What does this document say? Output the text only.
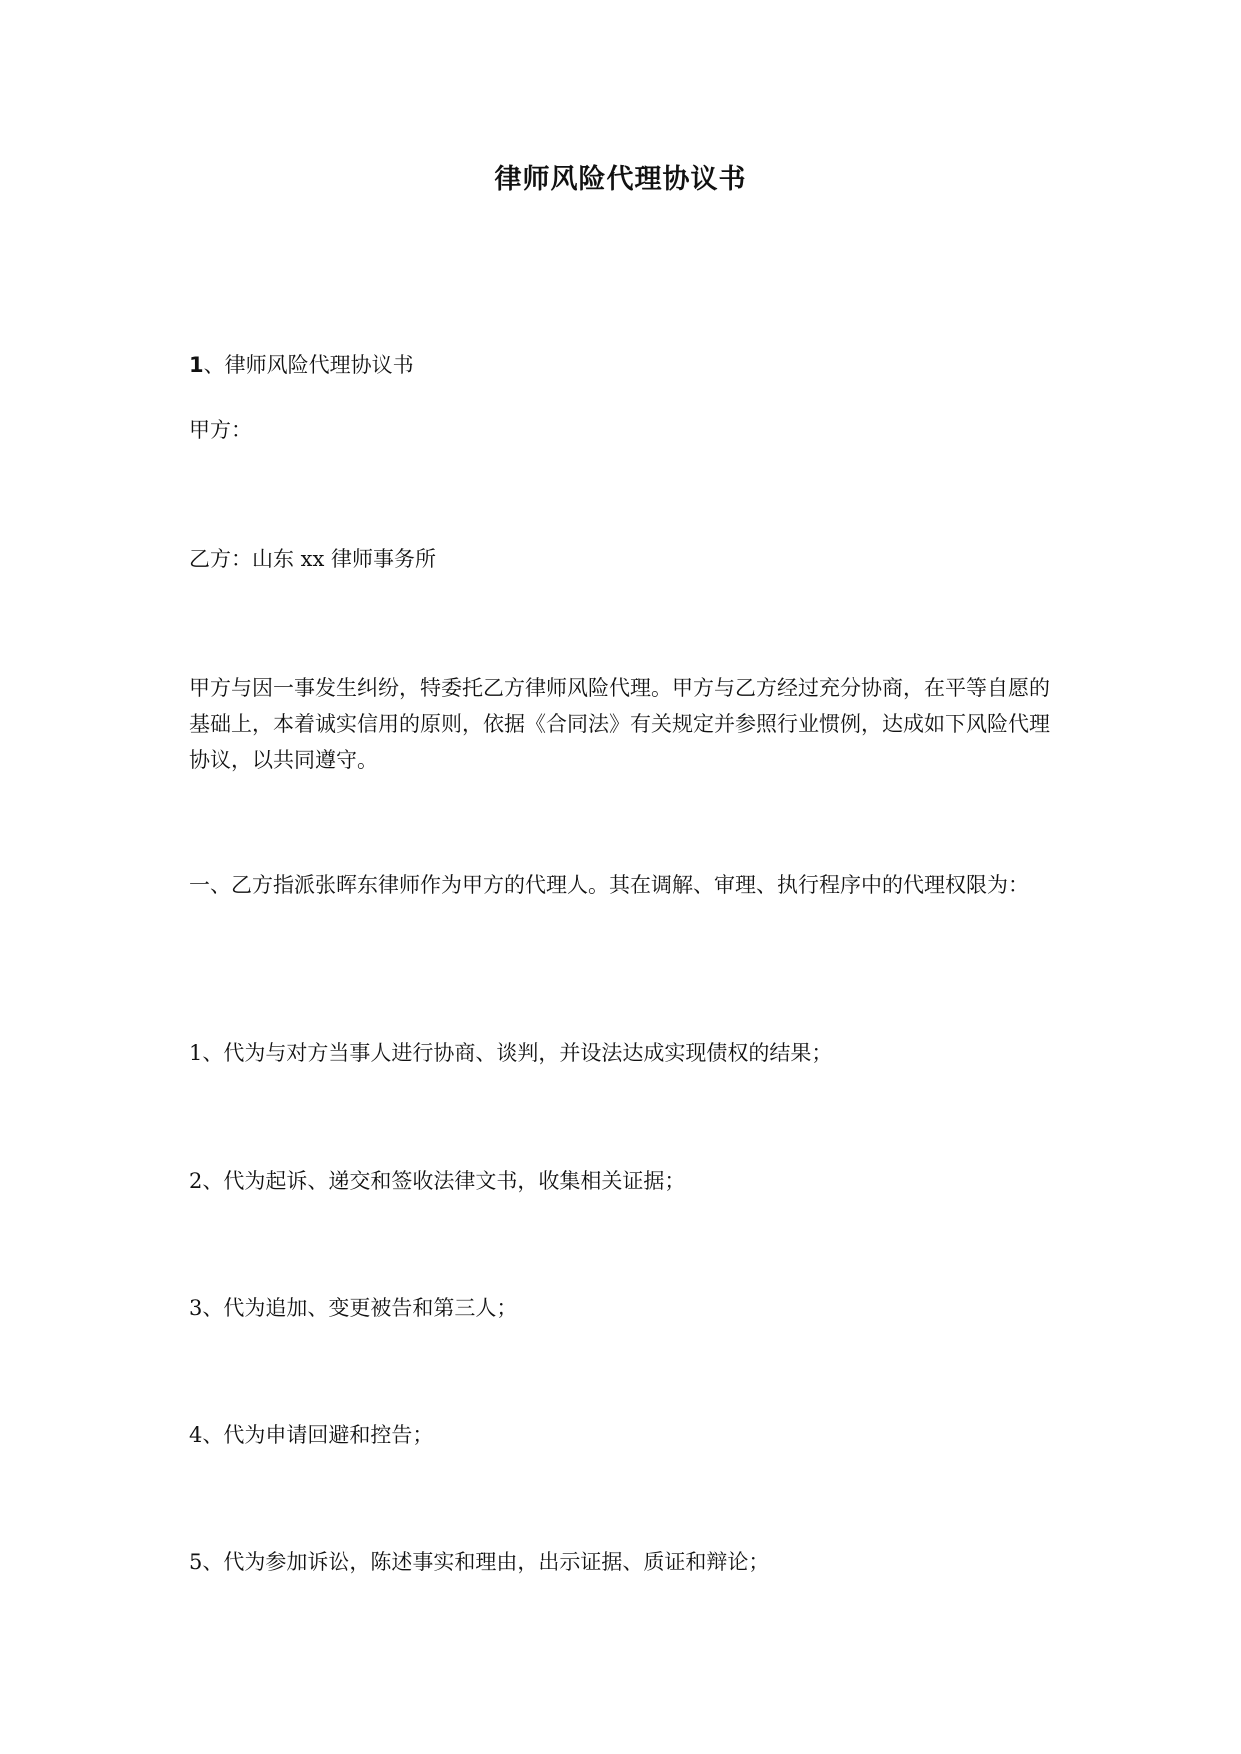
律师风险代理协议书

1、律师风险代理协议书

甲方：

乙方：山东 xx 律师事务所

甲方与因一事发生纠纷，特委托乙方律师风险代理。甲方与乙方经过充分协商，在平等自愿的基础上，本着诚实信用的原则，依据《合同法》有关规定并参照行业惯例，达成如下风险代理协议，以共同遵守。

一、乙方指派张晖东律师作为甲方的代理人。其在调解、审理、执行程序中的代理权限为：

1、代为与对方当事人进行协商、谈判，并设法达成实现债权的结果；

2、代为起诉、递交和签收法律文书，收集相关证据；

3、代为追加、变更被告和第三人；

4、代为申请回避和控告；

5、代为参加诉讼，陈述事实和理由，出示证据、质证和辩论；
